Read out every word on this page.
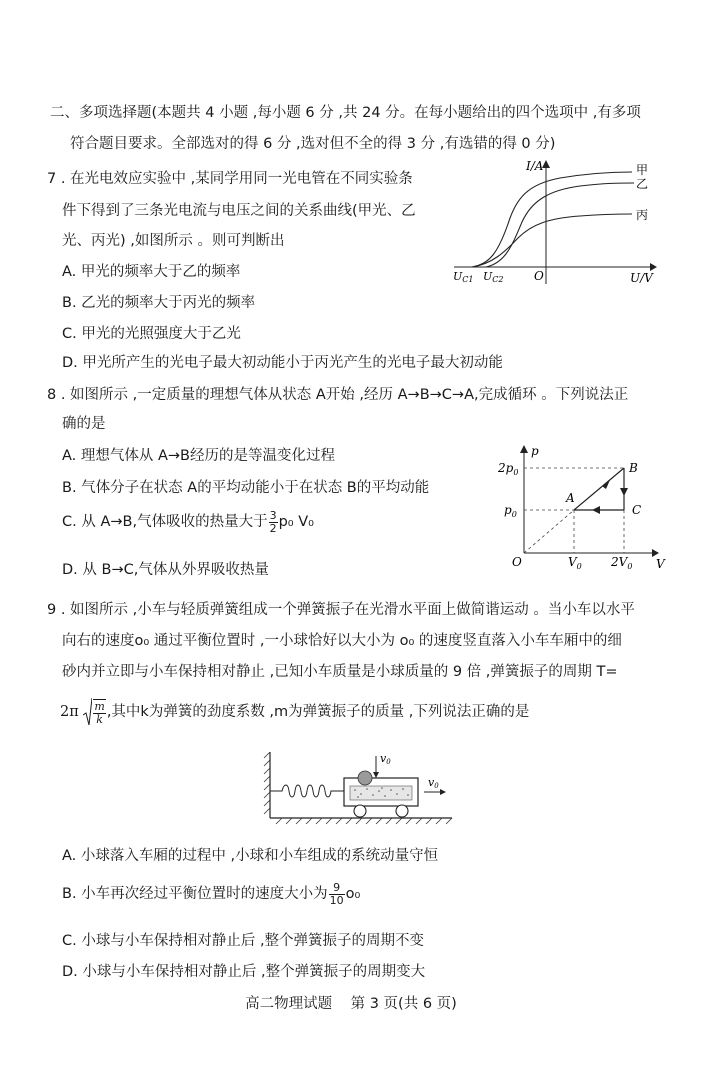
二、多项选择题(本题共 4 小题 ,每小题 6 分 ,共 24 分。在每小题给出的四个选项中 ,有多项
符合题目要求。全部选对的得 6 分 ,选对但不全的得 3 分 ,有选错的得 0 分)
7 . 在光电效应实验中 ,某同学用同一光电管在不同实验条
件下得到了三条光电流与电压之间的关系曲线(甲光、乙
光、丙光) ,如图所示 。则可判断出
A. 甲光的频率大于乙的频率
B. 乙光的频率大于丙光的频率
C. 甲光的光照强度大于乙光
D. 甲光所产生的光电子最大初动能小于丙光产生的光电子最大初动能
I/A
U/V
O
UC1 UC2
甲
乙
丙
8 . 如图所示 ,一定质量的理想气体从状态 A开始 ,经历 A→B→C→A,完成循环 。下列说法正
确的是
A. 理想气体从 A→B经历的是等温变化过程
B. 气体分子在状态 A的平均动能小于在状态 B的平均动能
C. 从 A→B,气体吸收的热量大于 $\frac{3}{2} p_0$ V₀
D. 从 B→C,气体从外界吸收热量
p
V
O
$2p_0$
$p_0$
$V_0$ $2V_0$
A
B
C
9 . 如图所示 ,小车与轻质弹簧组成一个弹簧振子在光滑水平面上做简谐运动 。当小车以水平
向右的速度o₀ 通过平衡位置时 ,一小球恰好以大小为 o₀ 的速度竖直落入小车车厢中的细
砂内并立即与小车保持相对静止 ,已知小车质量是小球质量的 9 倍 ,弹簧振子的周期 T=
$2\pi \frac{m}{k}$ ,其中k为弹簧的劲度系数 ,m为弹簧振子的质量 ,下列说法正确的是
v0
v0
A. 小球落入车厢的过程中 ,小球和小车组成的系统动量守恒
B. 小车再次经过平衡位置时的速度大小为 $\frac{9}{10} o_0$
C. 小球与小车保持相对静止后 ,整个弹簧振子的周期不变
D. 小球与小车保持相对静止后 ,整个弹簧振子的周期变大
高二物理试题    第 3 页(共 6 页)
